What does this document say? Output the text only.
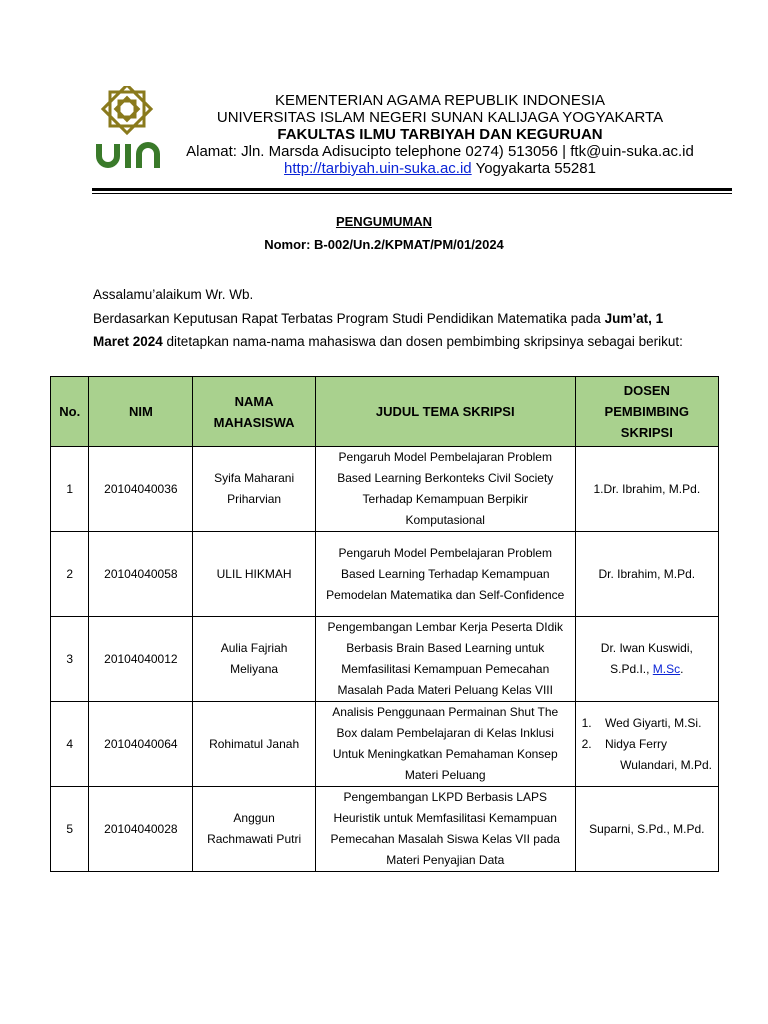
KEMENTERIAN AGAMA REPUBLIK INDONESIA
UNIVERSITAS ISLAM NEGERI SUNAN KALIJAGA YOGYAKARTA
FAKULTAS ILMU TARBIYAH DAN KEGURUAN
Alamat: Jln. Marsda Adisucipto telephone 0274) 513056 | ftk@uin-suka.ac.id
http://tarbiyah.uin-suka.ac.id Yogyakarta 55281
PENGUMUMAN
Nomor: B-002/Un.2/KPMAT/PM/01/2024

Assalamu’alaikum Wr. Wb.

Berdasarkan Keputusan Rapat Terbatas Program Studi Pendidikan Matematika pada Jum’at, 1 Maret 2024 ditetapkan nama-nama mahasiswa dan dosen pembimbing skripsinya sebagai berikut:

No.	NIM	NAMA MAHASISWA	JUDUL TEMA SKRIPSI	DOSEN PEMBIMBING SKRIPSI
1	20104040036	Syifa Maharani Priharvian	Pengaruh Model Pembelajaran Problem Based Learning Berkonteks Civil Society Terhadap Kemampuan Berpikir Komputasional	1.Dr. Ibrahim, M.Pd.
2	20104040058	ULIL HIKMAH	Pengaruh Model Pembelajaran Problem Based Learning Terhadap Kemampuan Pemodelan Matematika dan Self-Confidence	Dr. Ibrahim, M.Pd.
3	20104040012	Aulia Fajriah Meliyana	Pengembangan Lembar Kerja Peserta DIdik Berbasis Brain Based Learning untuk Memfasilitasi Kemampuan Pemecahan Masalah Pada Materi Peluang Kelas VIII	Dr. Iwan Kuswidi, S.Pd.I., M.Sc.
4	20104040064	Rohimatul Janah	Analisis Penggunaan Permainan Shut The Box dalam Pembelajaran di Kelas Inklusi Untuk Meningkatkan Pemahaman Konsep Materi Peluang	1.    Wed Giyarti, M.Si.
2.    Nidya Ferry
Wulandari, M.Pd.

5	20104040028	Anggun Rachmawati Putri	Pengembangan LKPD Berbasis LAPS Heuristik untuk Memfasilitasi Kemampuan Pemecahan Masalah Siswa Kelas VII pada Materi Penyajian Data	Suparni, S.Pd., M.Pd.
